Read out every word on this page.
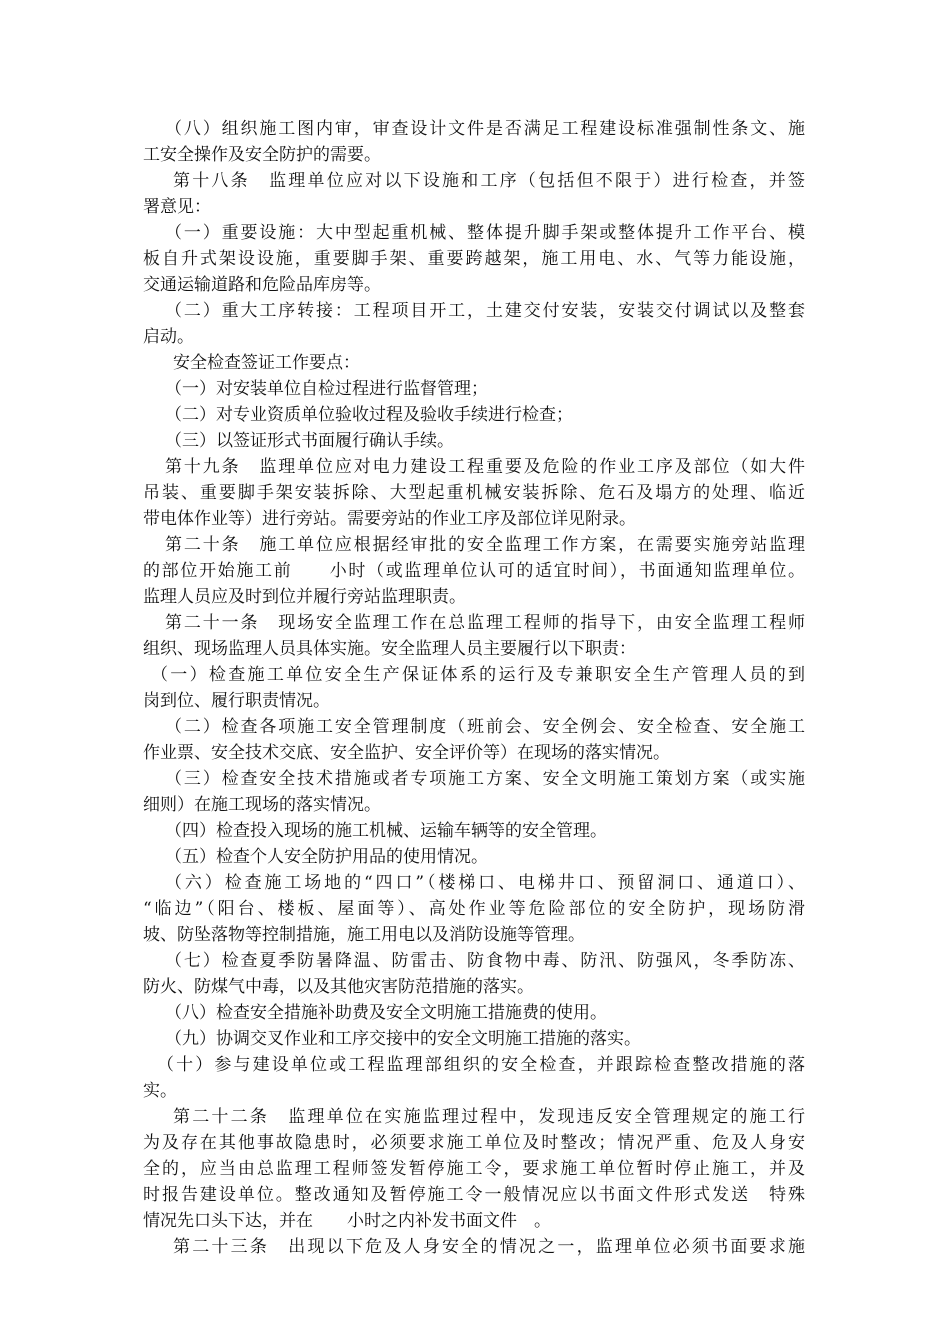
（八）组织施工图内审，审查设计文件是否满足工程建设标准强制性条文、施
工安全操作及安全防护的需要。
第十八条　监理单位应对以下设施和工序（包括但不限于）进行检查，并签
署意见：
（一）重要设施：大中型起重机械、整体提升脚手架或整体提升工作平台、模
板自升式架设设施，重要脚手架、重要跨越架，施工用电、水、气等力能设施，
交通运输道路和危险品库房等。
（二）重大工序转接：工程项目开工，土建交付安装，安装交付调试以及整套
启动。
安全检查签证工作要点：
（一）对安装单位自检过程进行监督管理；
（二）对专业资质单位验收过程及验收手续进行检查；
（三）以签证形式书面履行确认手续。
第十九条　监理单位应对电力建设工程重要及危险的作业工序及部位（如大件
吊装、重要脚手架安装拆除、大型起重机械安装拆除、危石及塌方的处理、临近
带电体作业等）进行旁站。需要旁站的作业工序及部位详见附录。
第二十条　施工单位应根据经审批的安全监理工作方案，在需要实施旁站监理
的部位开始施工前　　小时（或监理单位认可的适宜时间），书面通知监理单位。
监理人员应及时到位并履行旁站监理职责。
第二十一条　现场安全监理工作在总监理工程师的指导下，由安全监理工程师
组织、现场监理人员具体实施。安全监理人员主要履行以下职责：
（一）检查施工单位安全生产保证体系的运行及专兼职安全生产管理人员的到
岗到位、履行职责情况。
（二）检查各项施工安全管理制度（班前会、安全例会、安全检查、安全施工
作业票、安全技术交底、安全监护、安全评价等）在现场的落实情况。
（三）检查安全技术措施或者专项施工方案、安全文明施工策划方案（或实施
细则）在施工现场的落实情况。
（四）检查投入现场的施工机械、运输车辆等的安全管理。
（五）检查个人安全防护用品的使用情况。
（六）检查施工场地的“四口”（楼梯口、电梯井口、预留洞口、通道口）、
“临边”（阳台、楼板、屋面等）、高处作业等危险部位的安全防护，现场防滑
坡、防坠落物等控制措施，施工用电以及消防设施等管理。
（七）检查夏季防暑降温、防雷击、防食物中毒、防汛、防强风，冬季防冻、
防火、防煤气中毒，以及其他灾害防范措施的落实。
（八）检查安全措施补助费及安全文明施工措施费的使用。
（九）协调交叉作业和工序交接中的安全文明施工措施的落实。
（十）参与建设单位或工程监理部组织的安全检查，并跟踪检查整改措施的落
实。
第二十二条　监理单位在实施监理过程中，发现违反安全管理规定的施工行
为及存在其他事故隐患时，必须要求施工单位及时整改；情况严重、危及人身安
全的，应当由总监理工程师签发暂停施工令，要求施工单位暂时停止施工，并及
时报告建设单位。整改通知及暂停施工令一般情况应以书面文件形式发送　特殊
情况先口头下达，并在　　小时之内补发书面文件　。
第二十三条　出现以下危及人身安全的情况之一，监理单位必须书面要求施
